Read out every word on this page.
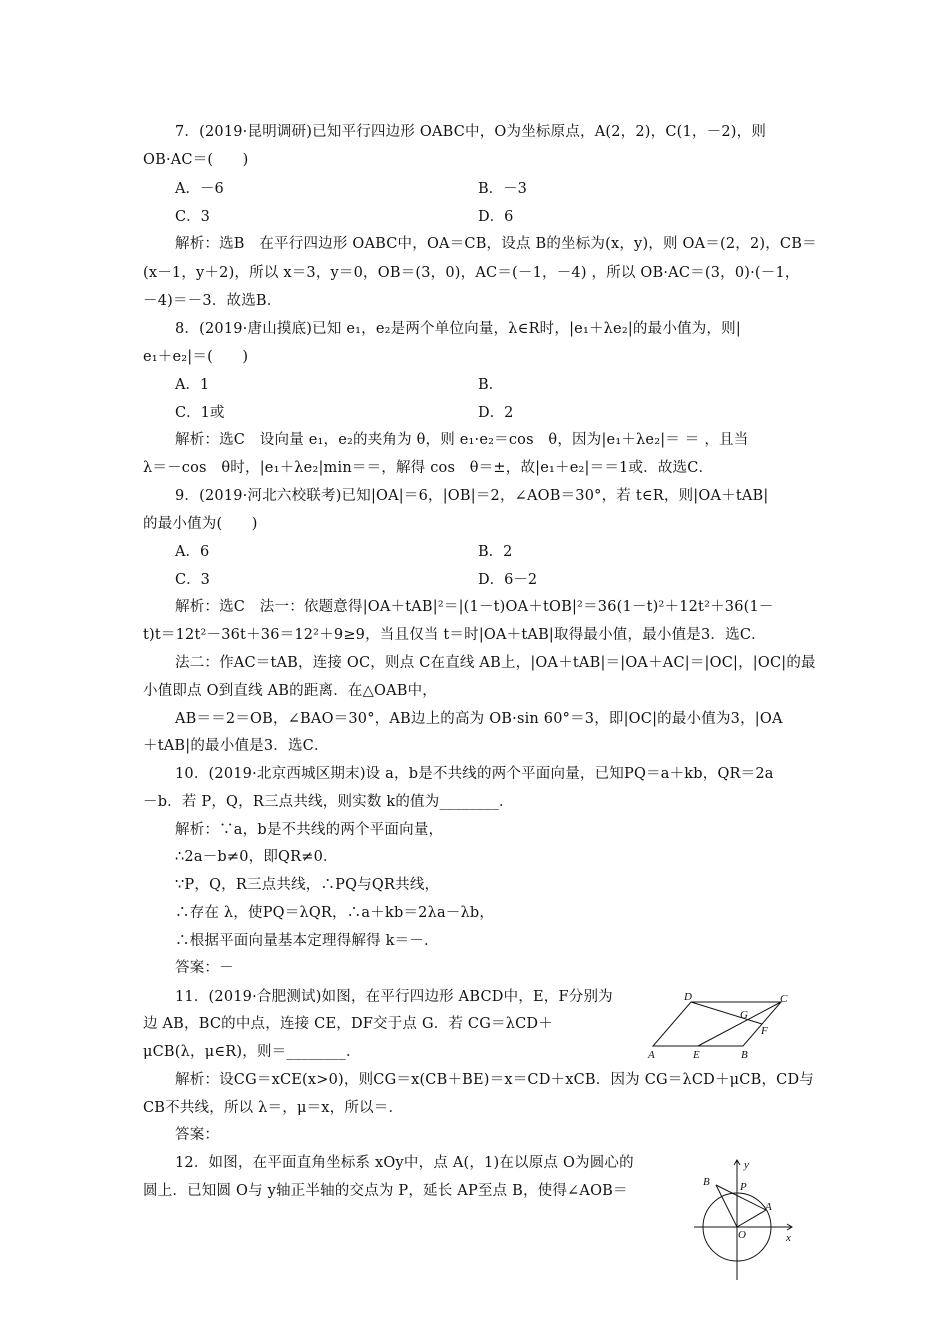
7．(2019·昆明调研)已知平行四边形 OABC中，O为坐标原点，A(2，2)，C(1，－2)，则
OB·AC＝(　　)
A．－6	B．－3
C．3	D．6
解析：选B　在平行四边形 OABC中，OA＝CB，设点 B的坐标为(x，y)，则 OA＝(2，2)，CB＝
(x－1，y＋2)，所以 x＝3，y＝0，OB＝(3，0)，AC＝(－1，－4) ，所以 OB·AC＝(3，0)·(－1，
－4)＝－3．故选B．
8．(2019·唐山摸底)已知 e₁，e₂是两个单位向量，λ∈R时，|e₁＋λe₂|的最小值为，则|
e₁＋e₂|＝(　　)
A．1	B．
C．1或	D．2
解析：选C　设向量 e₁，e₂的夹角为 θ，则 e₁·e₂＝cos　θ，因为|e₁＋λe₂|＝ ＝ ，且当
λ＝－cos　θ时，|e₁＋λe₂|min＝＝，解得 cos　θ＝±，故|e₁＋e₂|＝＝1或．故选C．
9．(2019·河北六校联考)已知|OA|＝6，|OB|＝2，∠AOB＝30°，若 t∈R，则|OA＋tAB|
的最小值为(　　)
A．6	B．2
C．3	D．6－2
解析：选C　法一：依题意得|OA＋tAB|²＝|(1－t)OA＋tOB|²＝36(1－t)²＋12t²＋36(1－
t)t＝12t²－36t＋36＝12²＋9≥9，当且仅当 t＝时|OA＋tAB|取得最小值，最小值是3．选C．
法二：作AC＝tAB，连接 OC，则点 C在直线 AB上，|OA＋tAB|＝|OA＋AC|＝|OC|，|OC|的最
小值即点 O到直线 AB的距离．在△OAB中，
AB＝＝2＝OB，∠BAO＝30°，AB边上的高为 OB·sin 60°＝3，即|OC|的最小值为3，|OA
＋tAB|的最小值是3．选C．
10．(2019·北京西城区期末)设 a，b是不共线的两个平面向量，已知PQ＝a＋kb，QR＝2a
－b．若 P，Q，R三点共线，则实数 k的值为________．
解析：∵a，b是不共线的两个平面向量，
∴2a－b≠0，即QR≠0．
∵P，Q，R三点共线，∴PQ与QR共线，
∴存在 λ，使PQ＝λQR，∴a＋kb＝2λa－λb，
∴根据平面向量基本定理得解得 k＝－．
答案：－
11．(2019·合肥测试)如图，在平行四边形 ABCD中，E，F分别为
边 AB，BC的中点，连接 CE，DF交于点 G．若 CG＝λCD＋
μCB(λ，μ∈R)，则＝________．
D	C
G
F
A	E	B
解析：设CG＝xCE(x>0)，则CG＝x(CB＋BE)＝x＝CD＋xCB．因为 CG＝λCD＋μCB，CD与
CB不共线，所以 λ＝，μ＝x，所以＝．
答案：
12．如图，在平面直角坐标系 xOy中，点 A(，1)在以原点 O为圆心的
圆上．已知圆 O与 y轴正半轴的交点为 P，延长 AP至点 B，使得∠AOB＝
y
x
B	P
A
O
